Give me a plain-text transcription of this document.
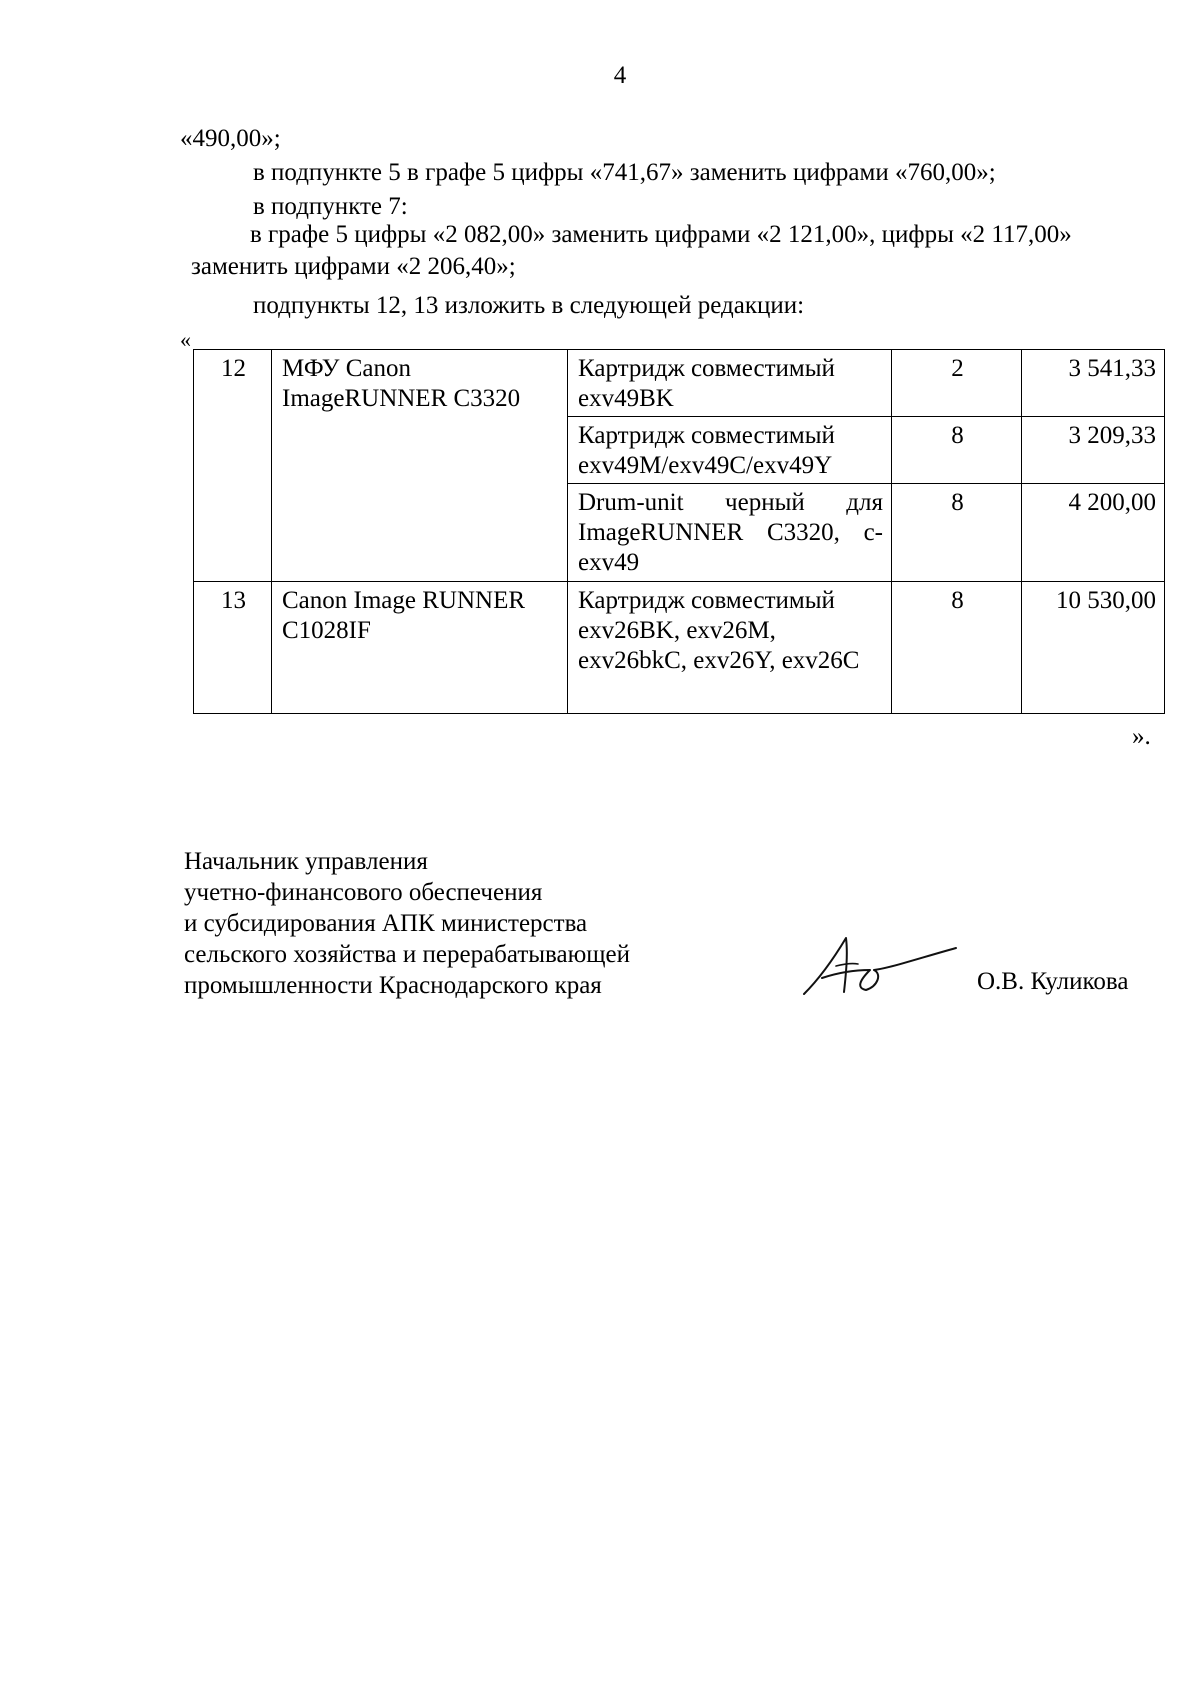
4
«490,00»;
в подпункте 5 в графе 5 цифры «741,67» заменить цифрами «760,00»;
в подпункте 7:
в графе 5 цифры «2 082,00» заменить цифрами «2 121,00», цифры «2 117,00»
заменить цифрами «2 206,40»;
подпункты 12, 13 изложить в следующей редакции:
«
12	МФУ Canon ImageRUNNER C3320	Картридж совместимый exv49BK	2	3 541,33
		Картридж совместимый exv49M/exv49C/exv49Y	8	3 209,33
		Drum-unit черный для ImageRUNNER C3320, c-exv49	8	4 200,00
13	Canon Image RUNNER C1028IF	Картридж совместимый exv26BK, exv26M, exv26bkC, exv26Y, exv26C	8	10 530,00
».
Начальник управления
учетно-финансового обеспечения
и субсидирования АПК министерства
сельского хозяйства и перерабатывающей
промышленности Краснодарского края	О.В. Куликова
